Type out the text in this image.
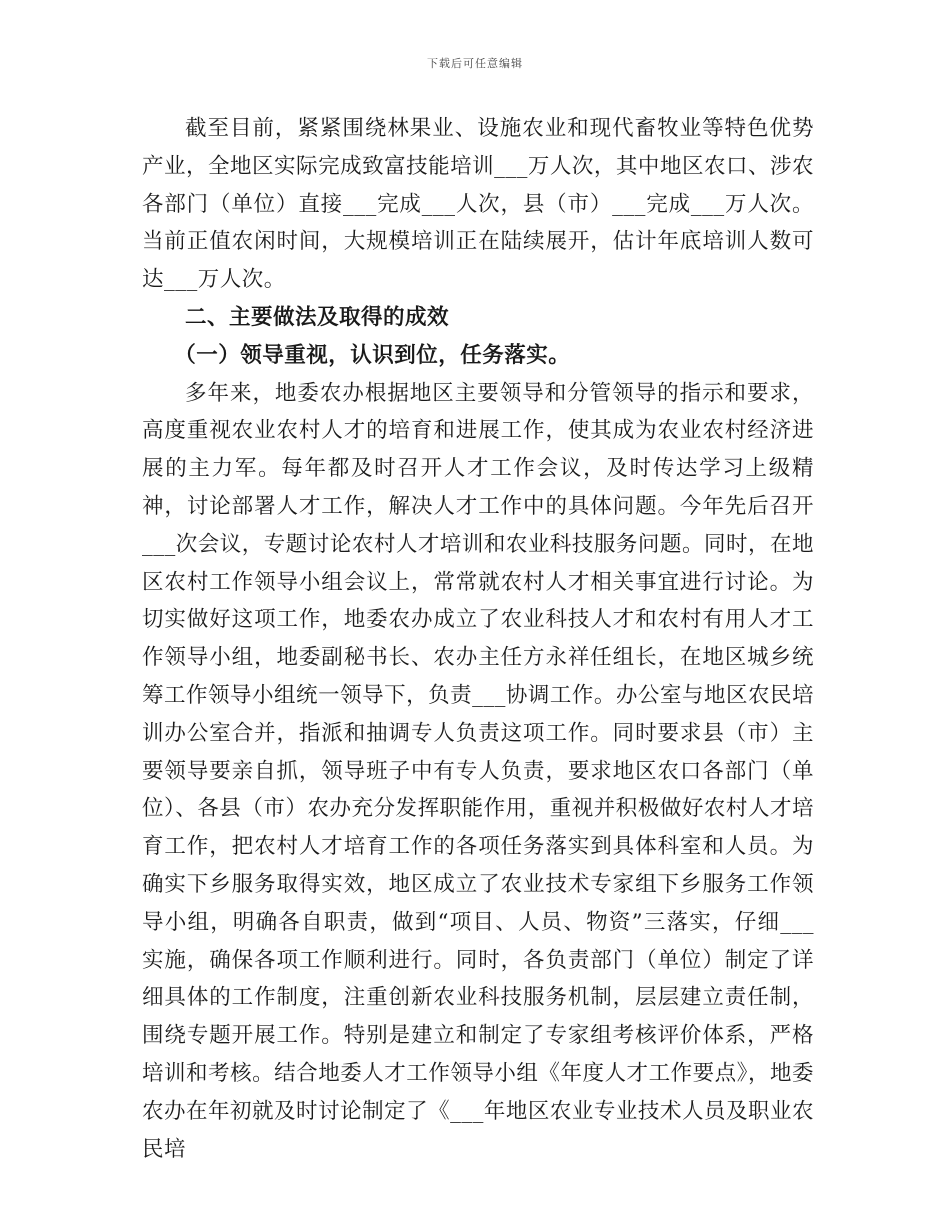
下载后可任意编辑

截至目前，紧紧围绕林果业、设施农业和现代畜牧业等特色优势产业，全地区实际完成致富技能培训___万人次，其中地区农口、涉农各部门（单位）直接___完成___人次，县（市）___完成___万人次。当前正值农闲时间，大规模培训正在陆续展开，估计年底培训人数可达___万人次。

二、主要做法及取得的成效

（一）领导重视，认识到位，任务落实。

多年来，地委农办根据地区主要领导和分管领导的指示和要求，高度重视农业农村人才的培育和进展工作，使其成为农业农村经济进展的主力军。每年都及时召开人才工作会议，及时传达学习上级精神，讨论部署人才工作，解决人才工作中的具体问题。今年先后召开___次会议，专题讨论农村人才培训和农业科技服务问题。同时，在地区农村工作领导小组会议上，常常就农村人才相关事宜进行讨论。为切实做好这项工作，地委农办成立了农业科技人才和农村有用人才工作领导小组，地委副秘书长、农办主任方永祥任组长，在地区城乡统筹工作领导小组统一领导下，负责___协调工作。办公室与地区农民培训办公室合并，指派和抽调专人负责这项工作。同时要求县（市）主要领导要亲自抓，领导班子中有专人负责，要求地区农口各部门（单位）、各县（市）农办充分发挥职能作用，重视并积极做好农村人才培育工作，把农村人才培育工作的各项任务落实到具体科室和人员。为确实下乡服务取得实效，地区成立了农业技术专家组下乡服务工作领导小组，明确各自职责，做到“项目、人员、物资”三落实，仔细___实施，确保各项工作顺利进行。同时，各负责部门（单位）制定了详细具体的工作制度，注重创新农业科技服务机制，层层建立责任制，围绕专题开展工作。特别是建立和制定了专家组考核评价体系，严格培训和考核。结合地委人才工作领导小组《年度人才工作要点》，地委农办在年初就及时讨论制定了《___年地区农业专业技术人员及职业农民培
